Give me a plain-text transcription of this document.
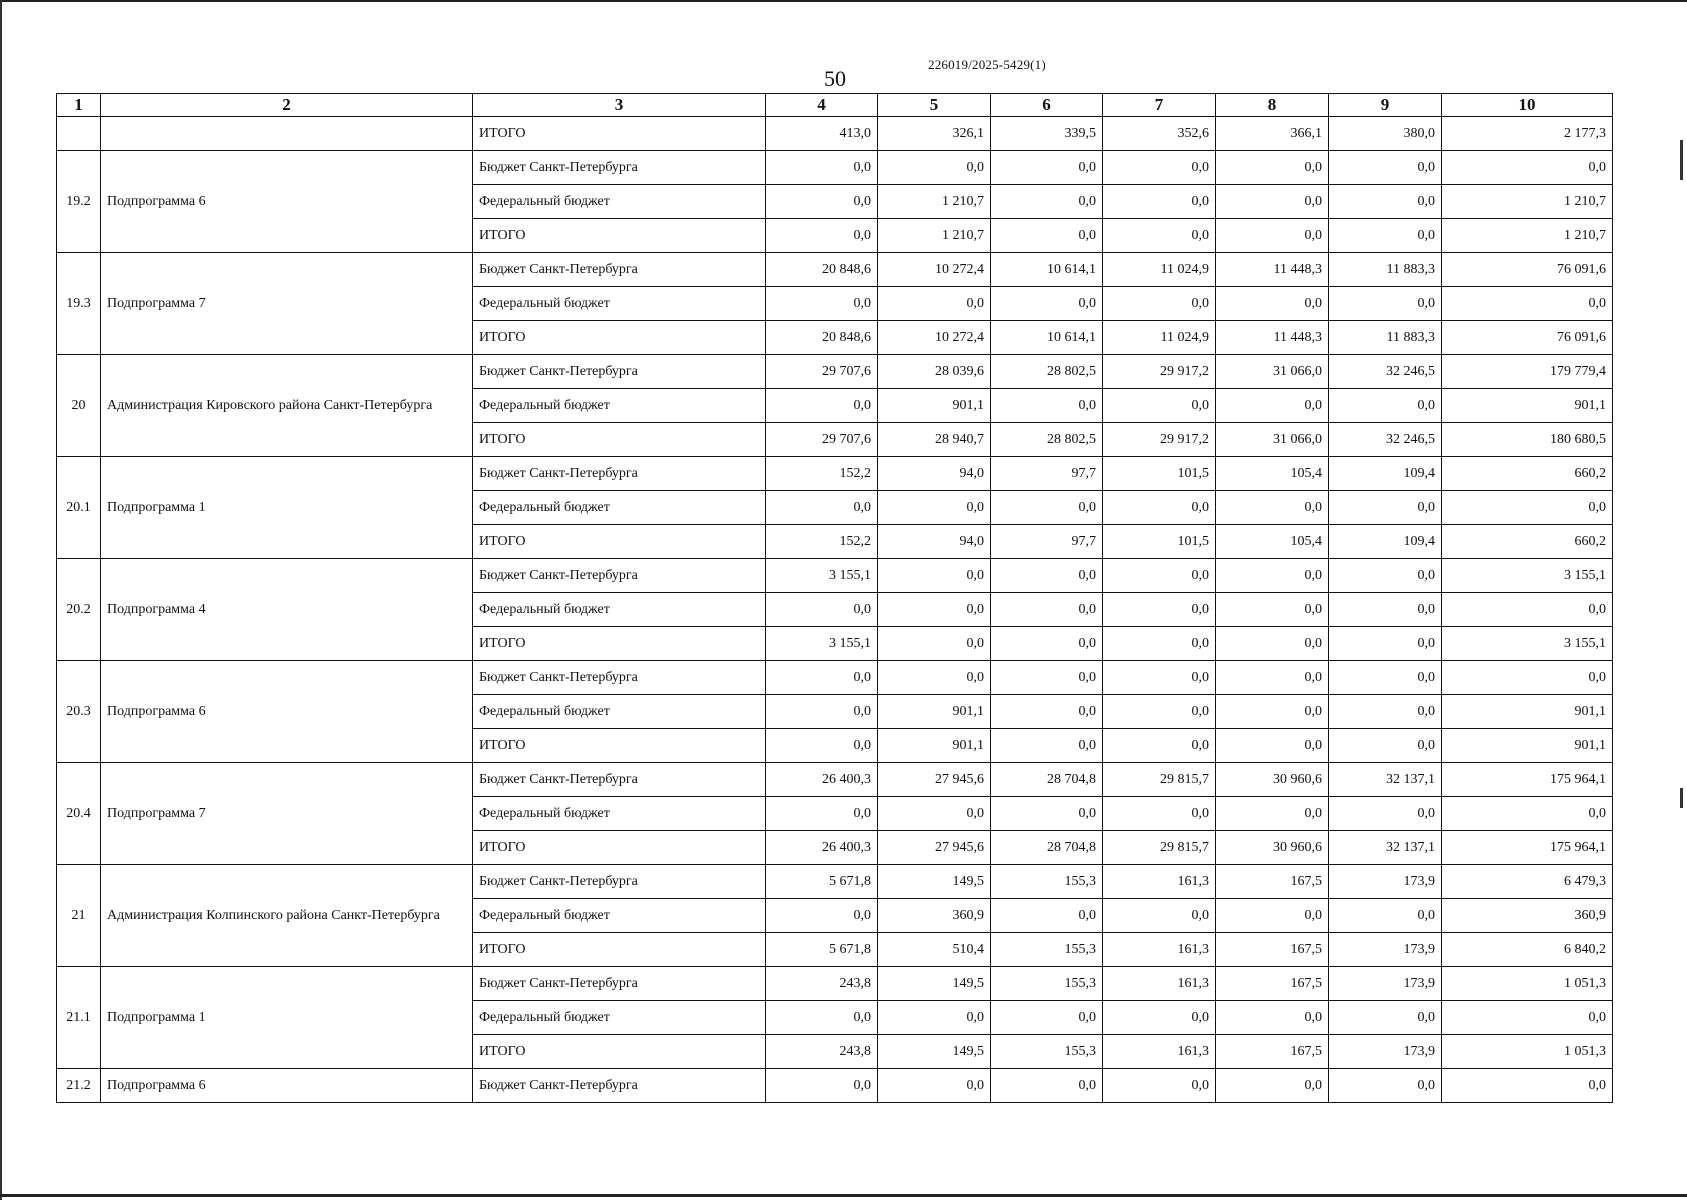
226019/2025-5429(1)
50
1	2	3	4	5	6	7	8	9	10
		ИТОГО	413,0	326,1	339,5	352,6	366,1	380,0	2 177,3
19.2	Подпрограмма 6	Бюджет Санкт-Петербурга	0,0	0,0	0,0	0,0	0,0	0,0	0,0
		Федеральный бюджет	0,0	1 210,7	0,0	0,0	0,0	0,0	1 210,7
		ИТОГО	0,0	1 210,7	0,0	0,0	0,0	0,0	1 210,7
19.3	Подпрограмма 7	Бюджет Санкт-Петербурга	20 848,6	10 272,4	10 614,1	11 024,9	11 448,3	11 883,3	76 091,6
		Федеральный бюджет	0,0	0,0	0,0	0,0	0,0	0,0	0,0
		ИТОГО	20 848,6	10 272,4	10 614,1	11 024,9	11 448,3	11 883,3	76 091,6
20	Администрация Кировского района Санкт-Петербурга	Бюджет Санкт-Петербурга	29 707,6	28 039,6	28 802,5	29 917,2	31 066,0	32 246,5	179 779,4
		Федеральный бюджет	0,0	901,1	0,0	0,0	0,0	0,0	901,1
		ИТОГО	29 707,6	28 940,7	28 802,5	29 917,2	31 066,0	32 246,5	180 680,5
20.1	Подпрограмма 1	Бюджет Санкт-Петербурга	152,2	94,0	97,7	101,5	105,4	109,4	660,2
		Федеральный бюджет	0,0	0,0	0,0	0,0	0,0	0,0	0,0
		ИТОГО	152,2	94,0	97,7	101,5	105,4	109,4	660,2
20.2	Подпрограмма 4	Бюджет Санкт-Петербурга	3 155,1	0,0	0,0	0,0	0,0	0,0	3 155,1
		Федеральный бюджет	0,0	0,0	0,0	0,0	0,0	0,0	0,0
		ИТОГО	3 155,1	0,0	0,0	0,0	0,0	0,0	3 155,1
20.3	Подпрограмма 6	Бюджет Санкт-Петербурга	0,0	0,0	0,0	0,0	0,0	0,0	0,0
		Федеральный бюджет	0,0	901,1	0,0	0,0	0,0	0,0	901,1
		ИТОГО	0,0	901,1	0,0	0,0	0,0	0,0	901,1
20.4	Подпрограмма 7	Бюджет Санкт-Петербурга	26 400,3	27 945,6	28 704,8	29 815,7	30 960,6	32 137,1	175 964,1
		Федеральный бюджет	0,0	0,0	0,0	0,0	0,0	0,0	0,0
		ИТОГО	26 400,3	27 945,6	28 704,8	29 815,7	30 960,6	32 137,1	175 964,1
21	Администрация Колпинского района Санкт-Петербурга	Бюджет Санкт-Петербурга	5 671,8	149,5	155,3	161,3	167,5	173,9	6 479,3
		Федеральный бюджет	0,0	360,9	0,0	0,0	0,0	0,0	360,9
		ИТОГО	5 671,8	510,4	155,3	161,3	167,5	173,9	6 840,2
21.1	Подпрограмма 1	Бюджет Санкт-Петербурга	243,8	149,5	155,3	161,3	167,5	173,9	1 051,3
		Федеральный бюджет	0,0	0,0	0,0	0,0	0,0	0,0	0,0
		ИТОГО	243,8	149,5	155,3	161,3	167,5	173,9	1 051,3
21.2	Подпрограмма 6	Бюджет Санкт-Петербурга	0,0	0,0	0,0	0,0	0,0	0,0	0,0
